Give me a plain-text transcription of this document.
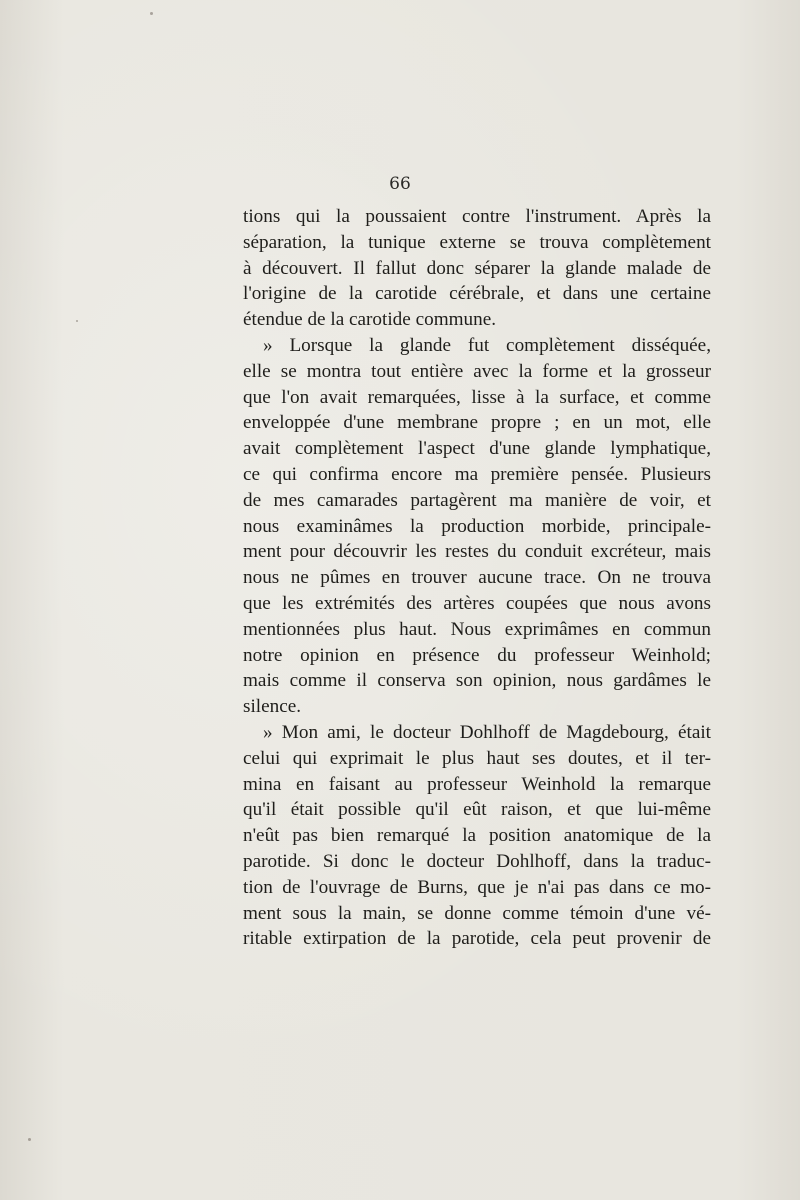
66
tions qui la poussaient contre l'instrument. Après la
séparation, la tunique externe se trouva complètement
à découvert. Il fallut donc séparer la glande malade de
l'origine de la carotide cérébrale, et dans une certaine
étendue de la carotide commune.
» Lorsque la glande fut complètement disséquée,
elle se montra tout entière avec la forme et la grosseur
que l'on avait remarquées, lisse à la surface, et comme
enveloppée d'une membrane propre ; en un mot, elle
avait complètement l'aspect d'une glande lymphatique,
ce qui confirma encore ma première pensée. Plusieurs
de mes camarades partagèrent ma manière de voir, et
nous examinâmes la production morbide, principale-
ment pour découvrir les restes du conduit excréteur, mais
nous ne pûmes en trouver aucune trace. On ne trouva
que les extrémités des artères coupées que nous avons
mentionnées plus haut. Nous exprimâmes en commun
notre opinion en présence du professeur Weinhold;
mais comme il conserva son opinion, nous gardâmes le
silence.
» Mon ami, le docteur Dohlhoff de Magdebourg, était
celui qui exprimait le plus haut ses doutes, et il ter-
mina en faisant au professeur Weinhold la remarque
qu'il était possible qu'il eût raison, et que lui-même
n'eût pas bien remarqué la position anatomique de la
parotide. Si donc le docteur Dohlhoff, dans la traduc-
tion de l'ouvrage de Burns, que je n'ai pas dans ce mo-
ment sous la main, se donne comme témoin d'une vé-
ritable extirpation de la parotide, cela peut provenir de
